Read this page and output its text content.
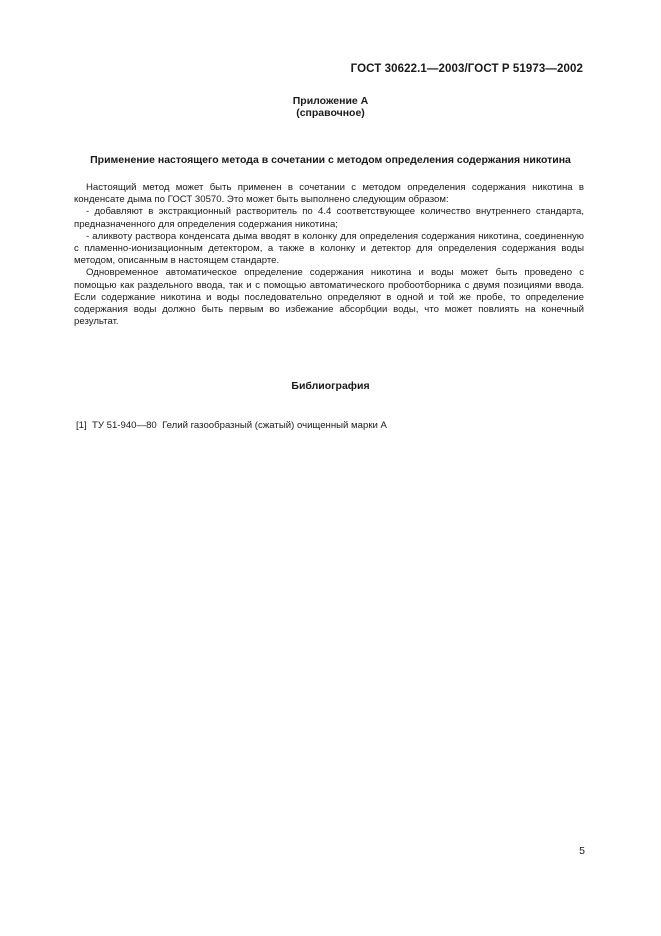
ГОСТ 30622.1—2003/ГОСТ Р 51973—2002
Приложение А
(справочное)
Применение настоящего метода в сочетании с методом определения содержания никотина

Настоящий метод может быть применен в сочетании с методом определения содержания никотина в конденсате дыма по ГОСТ 30570. Это может быть выполнено следующим образом:

- добавляют в экстракционный растворитель по 4.4 соответствующее количество внутреннего стандарта, предназначенного для определения содержания никотина;

- аликвоту раствора конденсата дыма вводят в колонку для определения содержания никотина, соединенную с пламенно-ионизационным детектором, а также в колонку и детектор для определения содержания воды методом, описанным в настоящем стандарте.

Одновременное автоматическое определение содержания никотина и воды может быть проведено с помощью как раздельного ввода, так и с помощью автоматического пробоотборника с двумя позициями ввода. Если содержание никотина и воды последовательно определяют в одной и той же пробе, то определение содержания воды должно быть первым во избежание абсорбции воды, что может повлиять на конечный результат.

Библиография
[1]  ТУ 51-940—80  Гелий газообразный (сжатый) очищенный марки А
5
